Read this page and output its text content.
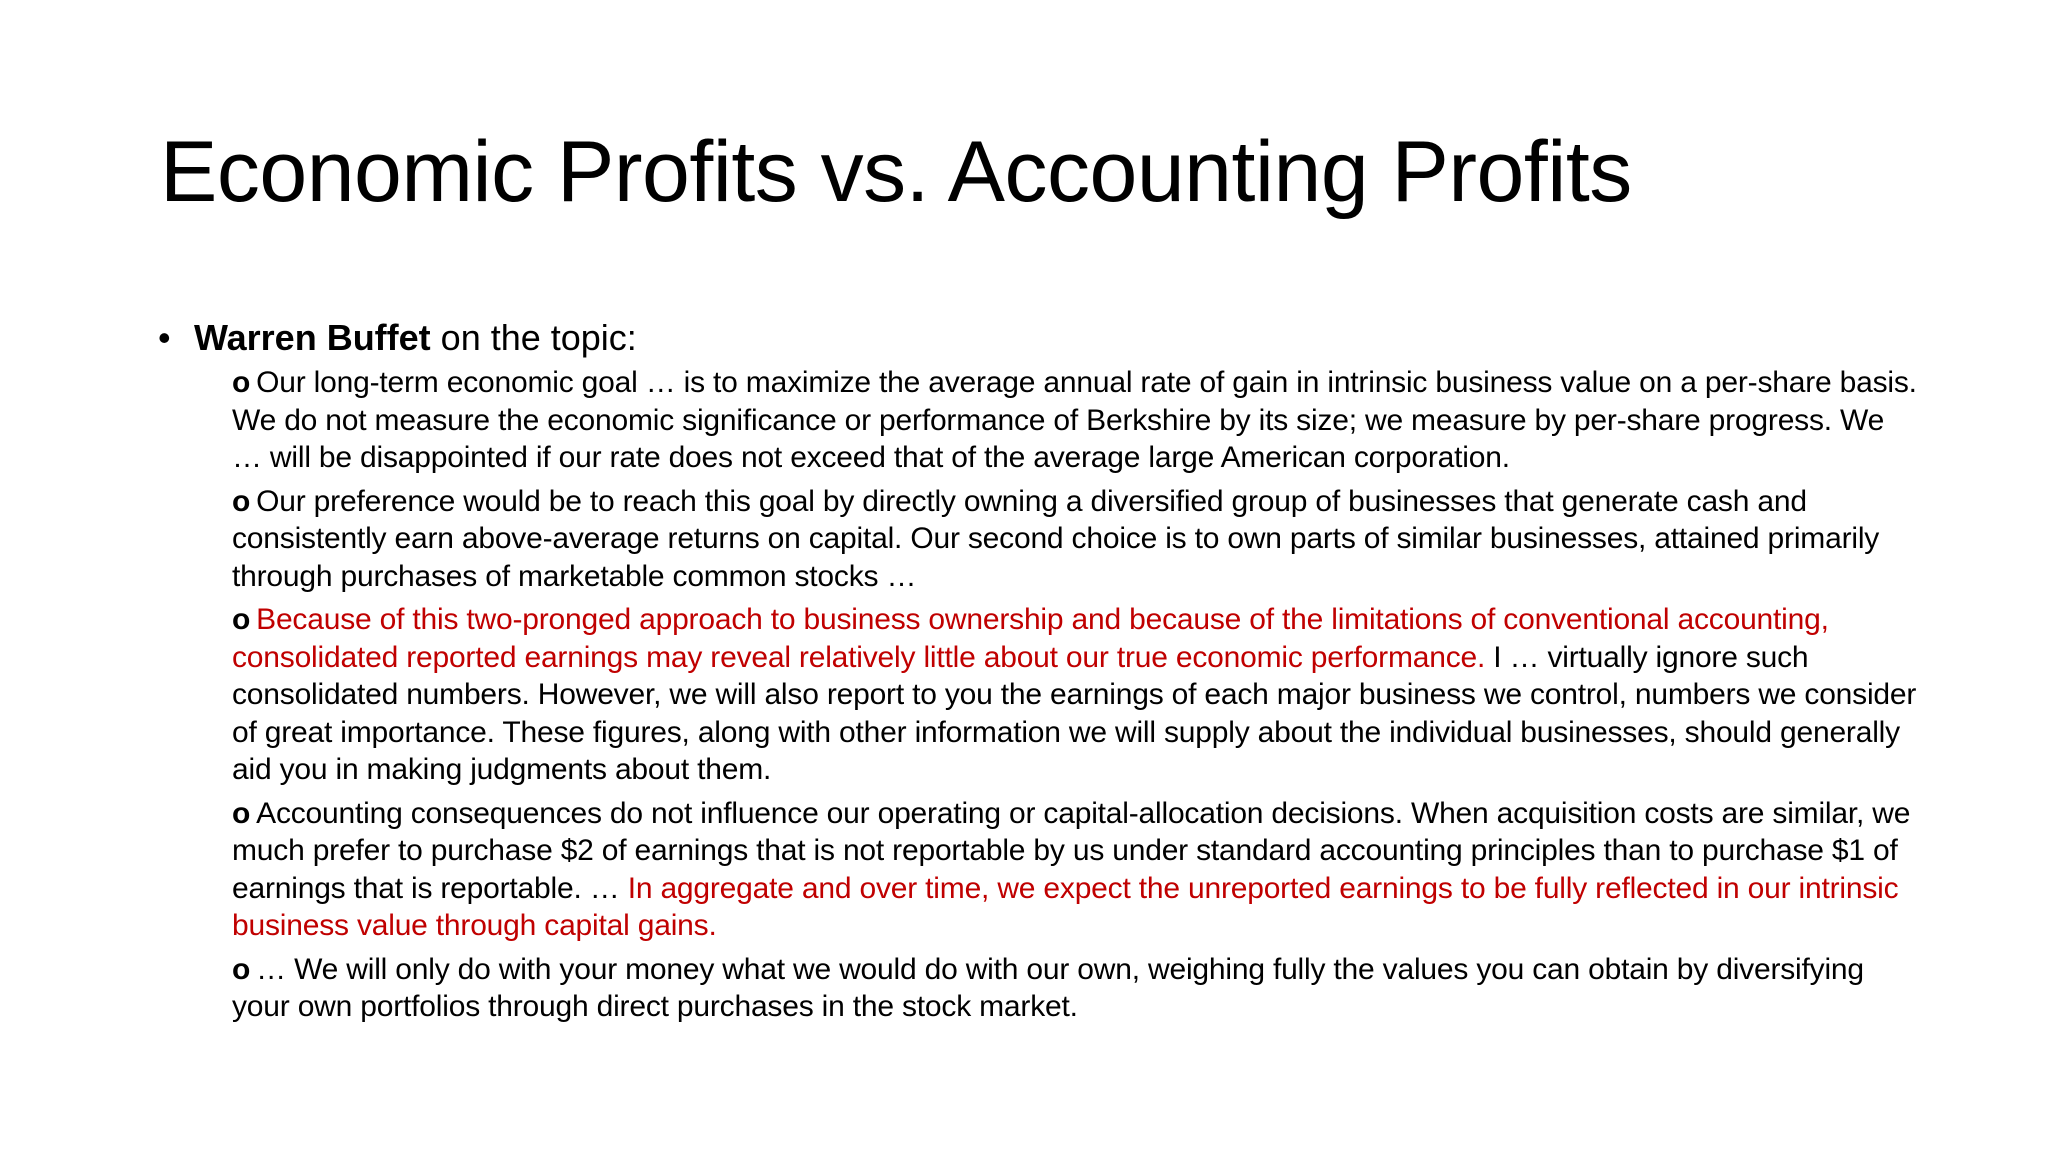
Economic Profits vs. Accounting Profits
• Warren Buffet on the topic:

o Our long-term economic goal … is to maximize the average annual rate of gain in intrinsic business value on a per-share basis. We do not measure the economic significance or performance of Berkshire by its size; we measure by per-share progress. We … will be disappointed if our rate does not exceed that of the average large American corporation.

o Our preference would be to reach this goal by directly owning a diversified group of businesses that generate cash and consistently earn above-average returns on capital. Our second choice is to own parts of similar businesses, attained primarily through purchases of marketable common stocks …

o Because of this two-pronged approach to business ownership and because of the limitations of conventional accounting, consolidated reported earnings may reveal relatively little about our true economic performance. I … virtually ignore such consolidated numbers. However, we will also report to you the earnings of each major business we control, numbers we consider of great importance. These figures, along with other information we will supply about the individual businesses, should generally aid you in making judgments about them.

o Accounting consequences do not influence our operating or capital-allocation decisions. When acquisition costs are similar, we much prefer to purchase $2 of earnings that is not reportable by us under standard accounting principles than to purchase $1 of earnings that is reportable. … In aggregate and over time, we expect the unreported earnings to be fully reflected in our intrinsic business value through capital gains.

o … We will only do with your money what we would do with our own, weighing fully the values you can obtain by diversifying your own portfolios through direct purchases in the stock market.
